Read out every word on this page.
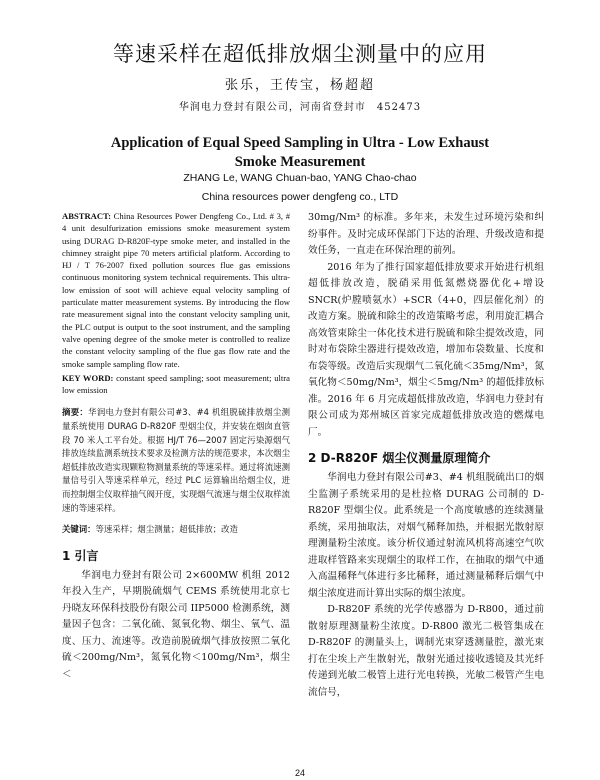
等速采样在超低排放烟尘测量中的应用
张乐，王传宝，杨超超
华润电力登封有限公司，河南省登封市　452473
Application of Equal Speed Sampling in Ultra - Low Exhaust Smoke Measurement
ZHANG Le, WANG Chuan-bao, YANG Chao-chao
China resources power dengfeng co., LTD

ABSTRACT: China Resources Power Dengfeng Co., Ltd. # 3, # 4 unit desulfurization emissions smoke measurement system using DURAG D-R820F-type smoke meter, and installed in the chimney straight pipe 70 meters artificial platform. According to HJ / T 76-2007 fixed pollution sources flue gas emissions continuous monitoring system technical requirements. This ultra-low emission of soot will achieve equal velocity sampling of particulate matter measurement systems. By introducing the flow rate measurement signal into the constant velocity sampling unit, the PLC output is output to the soot instrument, and the sampling valve opening degree of the smoke meter is controlled to realize the constant velocity sampling of the flue gas flow rate and the smoke sample sampling flow rate.

KEY WORD: constant speed sampling; soot measurement; ultra low emission

摘要：华润电力登封有限公司#3、#4 机组脱硫排放烟尘测量系统使用 DURAG D-R820F 型烟尘仪，并安装在烟囱直管段 70 米人工平台处。根据 HJ/T 76—2007 固定污染源烟气排放连续监测系统技术要求及检测方法的规范要求，本次烟尘超低排放改造实现颗粒物测量系统的等速采样。通过将流速测量信号引入等速采样单元，经过 PLC 运算输出给烟尘仪，进而控制烟尘仪取样抽气阀开度，实现烟气流速与烟尘仪取样流速的等速采样。

关键词：等速采样；烟尘测量；超低排放；改造

1 引言

华润电力登封有限公司 2×600MW 机组 2012 年投入生产，早期脱硫烟气 CEMS 系统使用北京七丹晓友环保科技股份有限公司 IIP5000 检测系统，测量因子包含：二氧化硫、氮氧化物、烟尘、氧气、温度、压力、流速等。改造前脱硫烟气排放按照二氧化硫＜200mg/Nm³，氮氧化物＜100mg/Nm³，烟尘＜

30mg/Nm³ 的标准。多年来，未发生过环境污染和纠纷事件。及时完成环保部门下达的治理、升级改造和提效任务，一直走在环保治理的前列。

2016 年为了推行国家超低排放要求开始进行机组超低排放改造，脱硝采用低氮燃烧器优化+增设 SNCR(炉膛喷氨水）+SCR（4+0，四层催化剂）的改造方案。脱硫和除尘的改造策略考虑，利用旋汇耦合高效管束除尘一体化技术进行脱硫和除尘提效改造，同时对布袋除尘器进行提效改造，增加布袋数量、长度和布袋等级。改造后实现烟气二氧化硫＜35mg/Nm³，氮氧化物＜50mg/Nm³，烟尘＜5mg/Nm³ 的超低排放标准。2016 年 6 月完成超低排放改造，华润电力登封有限公司成为郑州城区首家完成超低排放改造的燃煤电厂。

2 D-R820F 烟尘仪测量原理简介

华润电力登封有限公司#3、#4 机组脱硫出口的烟尘监测子系统采用的是杜拉格 DURAG 公司制的 D-R820F 型烟尘仪。此系统是一个高度敏感的连续测量系统，采用抽取法，对烟气稀释加热，并根据光散射原理测量粉尘浓度。该分析仪通过射流风机将高速空气吹进取样管路来实现烟尘的取样工作，在抽取的烟气中通入高温稀释气体进行多比稀释，通过测量稀释后烟气中烟尘浓度进而计算出实际的烟尘浓度。

D-R820F 系统的光学传感器为 D-R800，通过前散射原理测量粉尘浓度。D-R800 激光二极管集成在 D-R820F 的测量头上，调制光束穿透测量腔，激光束打在尘埃上产生散射光，散射光通过接收透镜及其光纤传递到光敏二极管上进行光电转换，光敏二极管产生电流信号，

24
